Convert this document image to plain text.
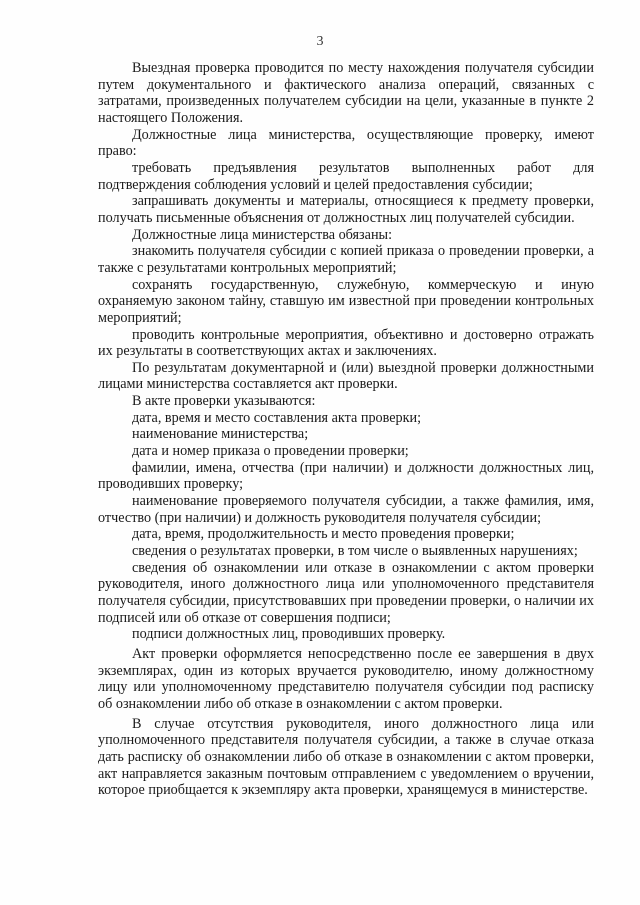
3

Выездная проверка проводится по месту нахождения получателя субсидии путем документального и фактического анализа операций, связанных с затратами, произведенных получателем субсидии на цели, указанные в пункте 2 настоящего Положения.

Должностные лица министерства, осуществляющие проверку, имеют право:

требовать предъявления результатов выполненных работ для подтверждения соблюдения условий и целей предоставления субсидии;

запрашивать документы и материалы, относящиеся к предмету проверки, получать письменные объяснения от должностных лиц получателей субсидии.

Должностные лица министерства обязаны:

знакомить получателя субсидии с копией приказа о проведении проверки, а также с результатами контрольных мероприятий;

сохранять государственную, служебную, коммерческую и иную охраняемую законом тайну, ставшую им известной при проведении контрольных мероприятий;

проводить контрольные мероприятия, объективно и достоверно отражать их результаты в соответствующих актах и заключениях.

По результатам документарной и (или) выездной проверки должностными лицами министерства составляется акт проверки.

В акте проверки указываются:

дата, время и место составления акта проверки;

наименование министерства;

дата и номер приказа о проведении проверки;

фамилии, имена, отчества (при наличии) и должности должностных лиц, проводивших проверку;

наименование проверяемого получателя субсидии, а также фамилия, имя, отчество (при наличии) и должность руководителя получателя субсидии;

дата, время, продолжительность и место проведения проверки;

сведения о результатах проверки, в том числе о выявленных нарушениях;

сведения об ознакомлении или отказе в ознакомлении с актом проверки руководителя, иного должностного лица или уполномоченного представителя получателя субсидии, присутствовавших при проведении проверки, о наличии их подписей или об отказе от совершения подписи;

подписи должностных лиц, проводивших проверку.

Акт проверки оформляется непосредственно после ее завершения в двух экземплярах, один из которых вручается руководителю, иному должностному лицу или уполномоченному представителю получателя субсидии под расписку об ознакомлении либо об отказе в ознакомлении с актом проверки.

В случае отсутствия руководителя, иного должностного лица или уполномоченного представителя получателя субсидии, а также в случае отказа дать расписку об ознакомлении либо об отказе в ознакомлении с актом проверки, акт направляется заказным почтовым отправлением с уведомлением о вручении, которое приобщается к экземпляру акта проверки, хранящемуся в министерстве.
